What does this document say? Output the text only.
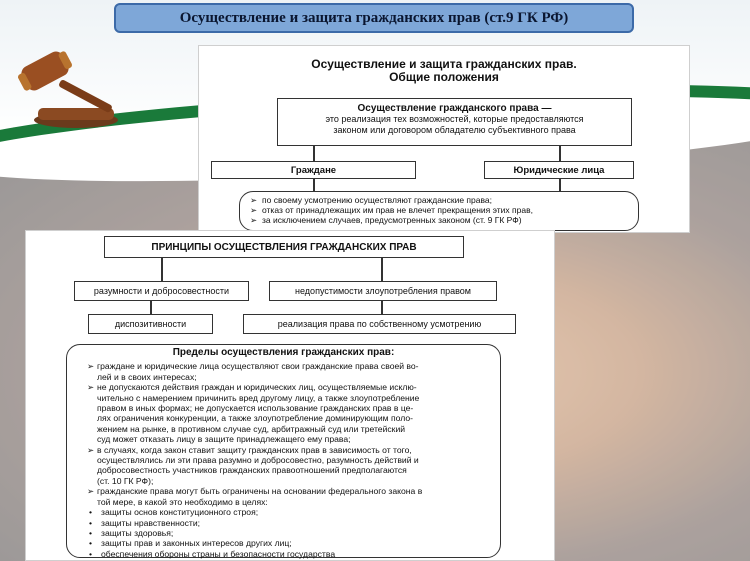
Осуществление и защита гражданских прав (ст.9 ГК РФ)
Осуществление и защита гражданских прав.
Общие положения
Осуществление гражданского права —
это реализация тех возможностей, которые предоставляются
законом или договором обладателю субъективного права
Граждане	Юридические лица
➢ по своему усмотрению осуществляют гражданские права;
➢ отказ от принадлежащих им прав не влечет прекращения этих прав,
➢ за исключением случаев, предусмотренных законом (ст. 9 ГК РФ)
ПРИНЦИПЫ ОСУЩЕСТВЛЕНИЯ ГРАЖДАНСКИХ ПРАВ
разумности и добросовестности	недопустимости злоупотребления правом
диспозитивности	реализация права по собственному усмотрению
Пределы осуществления гражданских прав:
➢ граждане и юридические лица осуществляют свои гражданские права своей во-
лей и в своих интересах;
➢ не допускаются действия граждан и юридических лиц, осуществляемые исклю-
чительно с намерением причинить вред другому лицу, а также злоупотребление
правом в иных формах; не допускается использование гражданских прав в це-
лях ограничения конкуренции, а также злоупотребление доминирующим поло-
жением на рынке, в противном случае суд, арбитражный суд или третейский
суд может отказать лицу в защите принадлежащего ему права;
➢ в случаях, когда закон ставит защиту гражданских прав в зависимость от того,
осуществлялись ли эти права разумно и добросовестно, разумность действий и
добросовестность участников гражданских правоотношений предполагаются
(ст. 10 ГК РФ);
➢ гражданские права могут быть ограничены на основании федерального закона в
той мере, в какой это необходимо в целях:
• защиты основ конституционного строя;
• защиты нравственности;
• защиты здоровья;
• защиты прав и законных интересов других лиц;
• обеспечения обороны страны и безопасности государства
